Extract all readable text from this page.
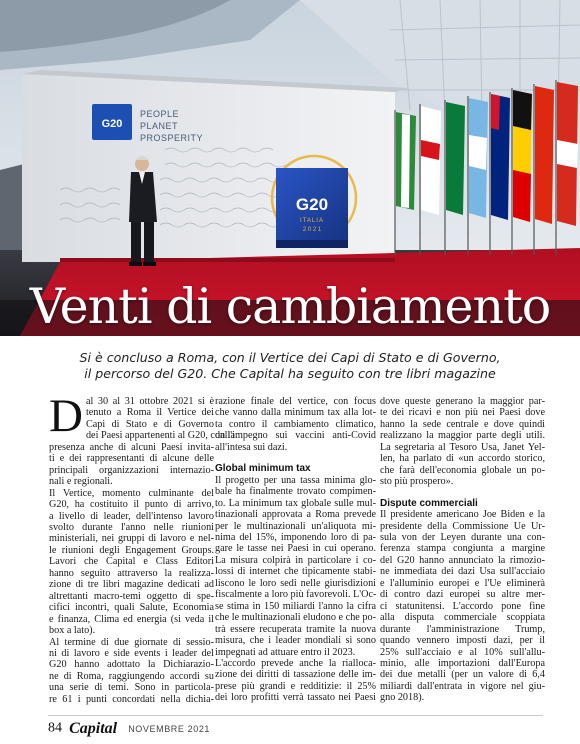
G20
PEOPLE
PLANET
PROSPERITY
G20
ITALIA
2 0 2 1
Venti di cambiamento
Si è concluso a Roma, con il Vertice dei Capi di Stato e di Governo,
il percorso del G20. Che Capital ha seguito con tre libri magazine
D al 30 al 31 ottobre 2021 si è
tenuto a Roma il Vertice dei
Capi di Stato e di Governo
dei Paesi appartenenti al G20, con la
presenza anche di alcuni Paesi invita-
ti e dei rappresentanti di alcune delle
principali organizzazioni internazio-
nali e regionali.

Il Vertice, momento culminante del
G20, ha costituito il punto di arrivo,
a livello di leader, dell'intenso lavoro
svolto durante l'anno nelle riunioni
ministeriali, nei gruppi di lavoro e nel-
le riunioni degli Engagement Groups.
Lavori che Capital e Class Editori
hanno seguito attraverso la realizza-
zione di tre libri magazine dedicati ad
altrettanti macro-temi oggetto di spe-
cifici incontri, quali Salute, Economia
e finanza, Clima ed energia (si veda il
box a lato).

Al termine di due giornate di sessio-
ni di lavoro e side events i leader del
G20 hanno adottato la Dichiarazio-
ne di Roma, raggiungendo accordi su
una serie di temi. Sono in particola-
re 61 i punti concordati nella dichia-

razione finale del vertice, con focus
che vanno dalla minimum tax alla lot-
ta contro il cambiamento climatico,
dall'impegno sui vaccini anti-Covid
all'intesa sui dazi.

Global minimum tax

Il progetto per una tassa minima glo-
bale ha finalmente trovato compimen-
to. La minimum tax globale sulle mul-
tinazionali approvata a Roma prevede
per le multinazionali un'aliquota mi-
nima del 15%, imponendo loro di pa-
gare le tasse nei Paesi in cui operano.
La misura colpirà in particolare i co-
lossi di internet che tipicamente stabi-
liscono le loro sedi nelle giurisdizioni
fiscalmente a loro più favorevoli. L'Oc-
se stima in 150 miliardi l'anno la cifra
che le multinazionali eludono e che po-
trà essere recuperata tramite la nuova
misura, che i leader mondiali si sono
impegnati ad attuare entro il 2023.

L'accordo prevede anche la rialloca-
zione dei diritti di tassazione delle im-
prese più grandi e redditizie: il 25%
dei loro profitti verrà tassato nei Paesi

dove queste generano la maggior par-
te dei ricavi e non più nei Paesi dove
hanno la sede centrale e dove quindi
realizzano la maggior parte degli utili.
La segretaria al Tesoro Usa, Janet Yel-
len, ha parlato di «un accordo storico,
che farà dell'economia globale un po-
sto più prospero».

Dispute commerciali

Il presidente americano Joe Biden e la
presidente della Commissione Ue Ur-
sula von der Leyen durante una con-
ferenza stampa congiunta a margine
del G20 hanno annunciato la rimozio-
ne immediata dei dazi Usa sull'acciaio
e l'alluminio europei e l'Ue eliminerà
di contro dazi europei su altre mer-
ci statunitensi. L'accordo pone fine
alla disputa commerciale scoppiata
durante l'amministrazione Trump,
quando vennero imposti dazi, per il
25% sull'acciaio e al 10% sull'allu-
minio, alle importazioni dall'Europa
dei due metalli (per un valore di 6,4
miliardi dall'entrata in vigore nel giu-
gno 2018).

84 Capital NOVEMBRE 2021
